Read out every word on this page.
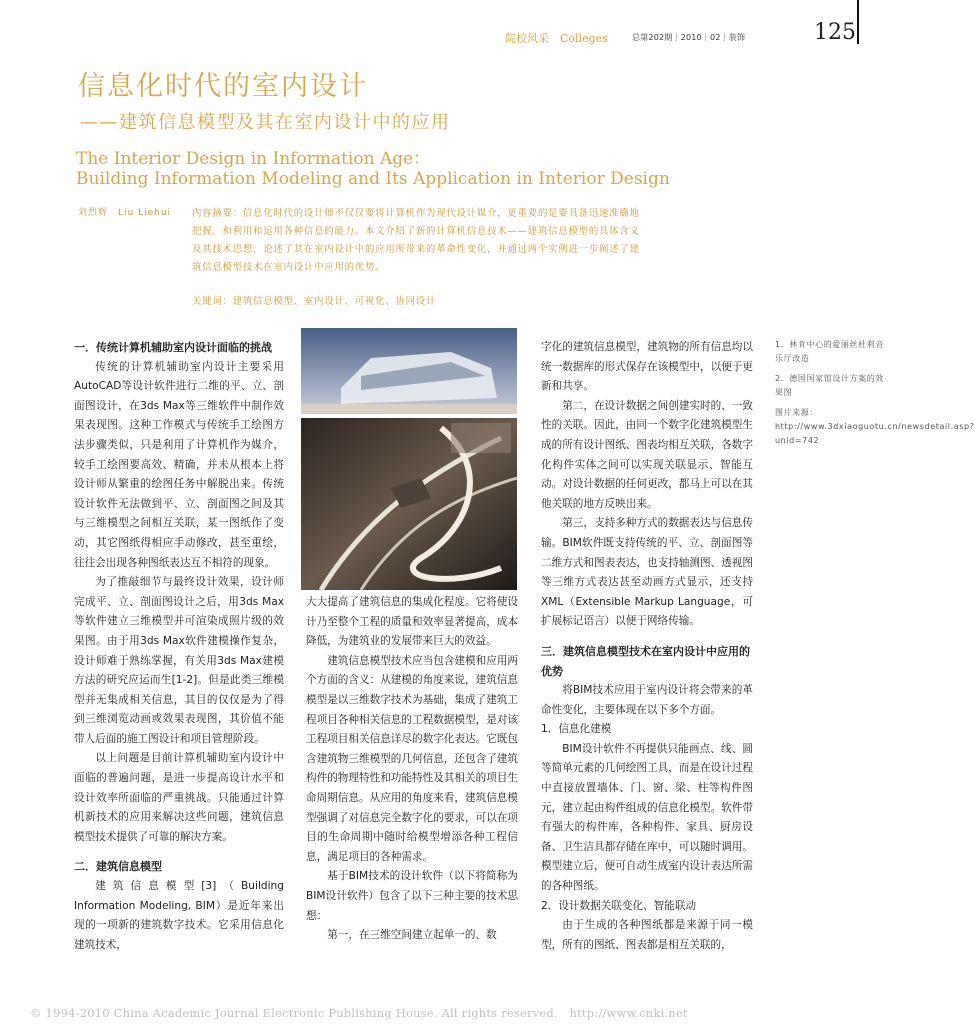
院校风采　Colleges	总第202期｜2010｜02｜装饰	125
信息化时代的室内设计
——建筑信息模型及其在室内设计中的应用
The Interior Design in Information Age：
Building Information Modeling and Its Application in Interior Design
刘烈辉　Liu Liehui 内容摘要：信息化时代的设计师不仅仅要将计算机作为现代设计媒介，更重要的是要具备迅速准确地把握，和利用和运用各种信息的能力。本文介绍了新的计算机信息技术——建筑信息模型的具体含义及其技术思想，论述了其在室内设计中的应用所带来的革命性变化，并通过两个实例进一步阐述了建筑信息模型技术在室内设计中应用的优势。
关键词：建筑信息模型、室内设计、可视化、协同设计
一．传统计算机辅助室内设计面临的挑战

传统的计算机辅助室内设计主要采用AutoCAD等设计软件进行二维的平、立、剖面图设计，在3ds Max等三维软件中制作效果表现图。这种工作模式与传统手工绘图方法步骤类似，只是利用了计算机作为媒介，较手工绘图要高效、精确，并未从根本上将设计师从繁重的绘图任务中解脱出来。传统设计软件无法做到平、立、剖面图之间及其与三维模型之间相互关联，某一图纸作了变动，其它图纸得相应手动修改，甚至重绘，往往会出现各种图纸表达互不相符的现象。

为了推敲细节与最终设计效果，设计师完成平、立、剖面图设计之后，用3ds Max等软件建立三维模型并可渲染成照片级的效果图。由于用3ds Max软件建模操作复杂，设计师难于熟练掌握，有关用3ds Max建模方法的研究应运而生[1-2]。但是此类三维模型并无集成相关信息，其目的仅仅是为了得到三维浏览动画或效果表现图，其价值不能带人后面的施工图设计和项目管理阶段。

以上问题是目前计算机辅助室内设计中面临的普遍问题，是进一步提高设计水平和设计效率所面临的严重挑战。只能通过计算机新技术的应用来解决这些问题，建筑信息模型技术提供了可靠的解决方案。

二．建筑信息模型

建筑信息模型[3]（Building Information Modeling, BIM）是近年来出现的一项新的建筑数字技术。它采用信息化建筑技术，

大大提高了建筑信息的集成化程度。它将使设计乃至整个工程的质量和效率显著提高，成本降低，为建筑业的发展带来巨大的效益。

建筑信息模型技术应当包含建模和应用两个方面的含义：从建模的角度来说，建筑信息模型是以三维数字技术为基础，集成了建筑工程项目各种相关信息的工程数据模型，是对该工程项目相关信息详尽的数字化表达。它既包含建筑物三维模型的几何信息，还包含了建筑构件的物理特性和功能特性及其相关的项目生命周期信息。从应用的角度来看，建筑信息模型强调了对信息完全数字化的要求，可以在项目的生命周期中随时给模型增添各种工程信息，满足项目的各种需求。

基于BIM技术的设计软件（以下将简称为BIM设计软件）包含了以下三种主要的技术思想：

第一，在三维空间建立起单一的、数

字化的建筑信息模型，建筑物的所有信息均以统一数据库的形式保存在该模型中，以便于更新和共享。

第二，在设计数据之间创建实时的、一致性的关联。因此，由同一个数字化建筑模型生成的所有设计图纸、图表均相互关联，各数字化构件实体之间可以实现关联显示、智能互动。对设计数据的任何更改，都马上可以在其他关联的地方反映出来。

第三，支持多种方式的数据表达与信息传输。BIM软件既支持传统的平、立、剖面图等二维方式和图表表达，也支持轴测图、透视图等三维方式表达甚至动画方式显示，还支持XML（Extensible Markup Language，可扩展标记语言）以便于网络传输。

三．建筑信息模型技术在室内设计中应用的优势

将BIM技术应用于室内设计将会带来的革命性变化，主要体现在以下多个方面。

1．信息化建模

BIM设计软件不再提供只能画点、线、圆等简单元素的几何绘图工具，而是在设计过程中直接放置墙体、门、窗、梁、柱等构件图元，建立起由构件组成的信息化模型。软件带有强大的构件库，各种构件、家具、厨房设备、卫生洁具都存储在库中，可以随时调用。模型建立后，便可自动生成室内设计表达所需的各种图纸。

2．设计数据关联变化、智能联动

由于生成的各种图纸都是来源于同一模型，所有的图纸、图表都是相互关联的，

1．林肯中心的爱丽丝杜利音乐厅改造

2．德国国家馆设计方案的效果图

图片来源：http://www.3dxiaoguotu.cn/newsdetail.asp?unid=742

© 1994-2010 China Academic Journal Electronic Publishing House. All rights reserved.　http://www.cnki.net
